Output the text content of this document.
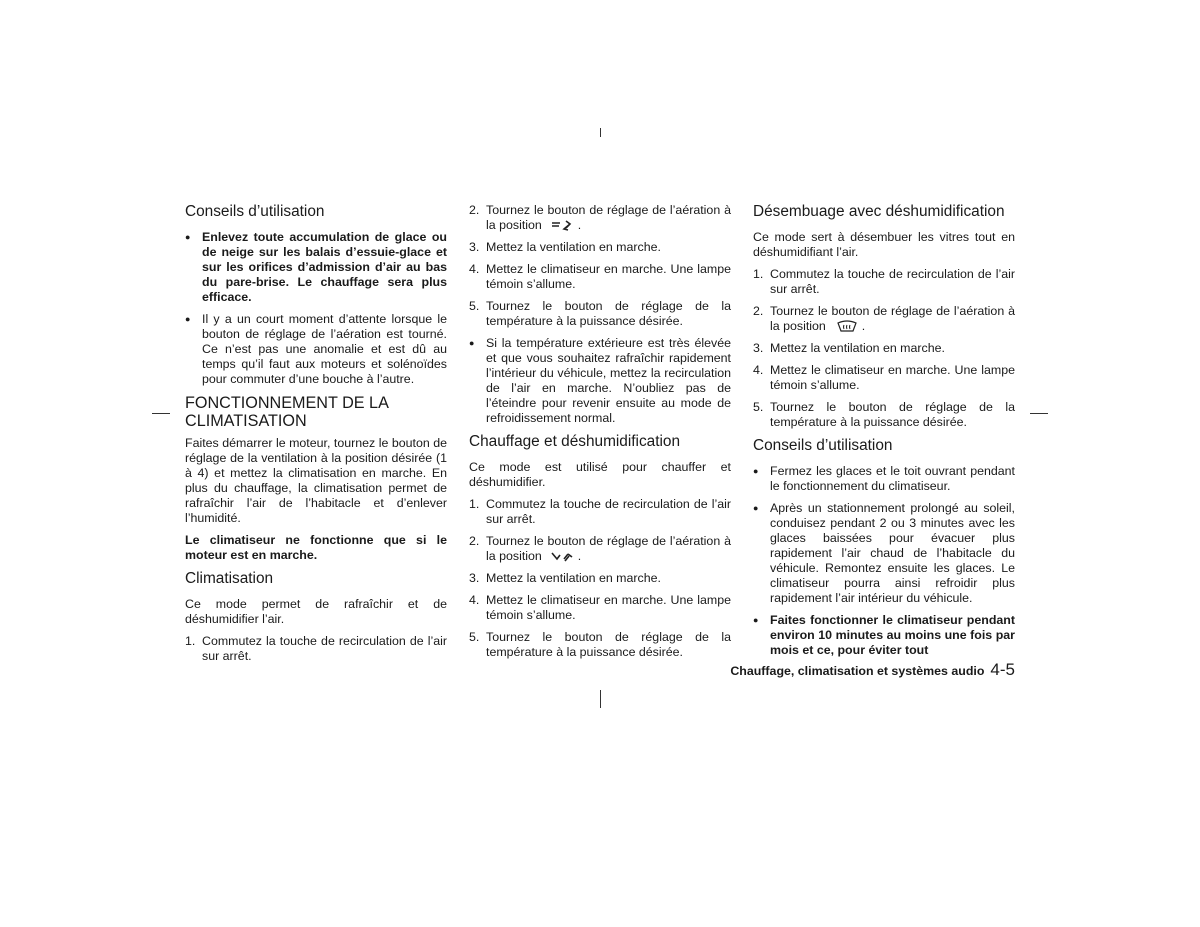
Conseils d’utilisation
● Enlevez toute accumulation de glace ou de neige sur les balais d’essuie-glace et sur les orifices d’admission d’air au bas du pare-brise. Le chauffage sera plus efficace.
● Il y a un court moment d’attente lorsque le bouton de réglage de l’aération est tourné. Ce n’est pas une anomalie et est dû au temps qu’il faut aux moteurs et solénoïdes pour commuter d’une bouche à l’autre.
FONCTIONNEMENT DE LA
CLIMATISATION

Faites démarrer le moteur, tournez le bouton de réglage de la ventilation à la position désirée (1 à 4) et mettez la climatisation en marche. En plus du chauffage, la climatisation permet de rafraîchir l’air de l’habitacle et d’enlever l’humidité.

Le climatiseur ne fonctionne que si le moteur est en marche.

Climatisation

Ce mode permet de rafraîchir et de déshumidifier l’air.

1. Commutez la touche de recirculation de l’air sur arrêt.
2. Tournez le bouton de réglage de l’aération à la position	.
3. Mettez la ventilation en marche.
4. Mettez le climatiseur en marche. Une lampe témoin s’allume.
5. Tournez le bouton de réglage de la température à la puissance désirée.
● Si la température extérieure est très élevée et que vous souhaitez rafraîchir rapidement l’intérieur du véhicule, mettez la recirculation de l’air en marche. N’oubliez pas de l’éteindre pour revenir ensuite au mode de refroidissement normal.
Chauffage et déshumidification

Ce mode est utilisé pour chauffer et déshumidifier.

1. Commutez la touche de recirculation de l’air sur arrêt.
2. Tournez le bouton de réglage de l’aération à la position	.
3. Mettez la ventilation en marche.
4. Mettez le climatiseur en marche. Une lampe témoin s’allume.
5. Tournez le bouton de réglage de la température à la puissance désirée.
Désembuage avec déshumidification

Ce mode sert à désembuer les vitres tout en déshumidifiant l’air.

1. Commutez la touche de recirculation de l’air sur arrêt.
2. Tournez le bouton de réglage de l’aération à la position	.
3. Mettez la ventilation en marche.
4. Mettez le climatiseur en marche. Une lampe témoin s’allume.
5. Tournez le bouton de réglage de la température à la puissance désirée.
Conseils d’utilisation
● Fermez les glaces et le toit ouvrant pendant le fonctionnement du climatiseur.
● Après un stationnement prolongé au soleil, conduisez pendant 2 ou 3 minutes avec les glaces baissées pour évacuer plus rapidement l’air chaud de l’habitacle du véhicule. Remontez ensuite les glaces. Le climatiseur pourra ainsi refroidir plus rapidement l’air intérieur du véhicule.
● Faites fonctionner le climatiseur pendant environ 10 minutes au moins une fois par mois et ce, pour éviter tout
Chauffage, climatisation et systèmes audio 4-5
